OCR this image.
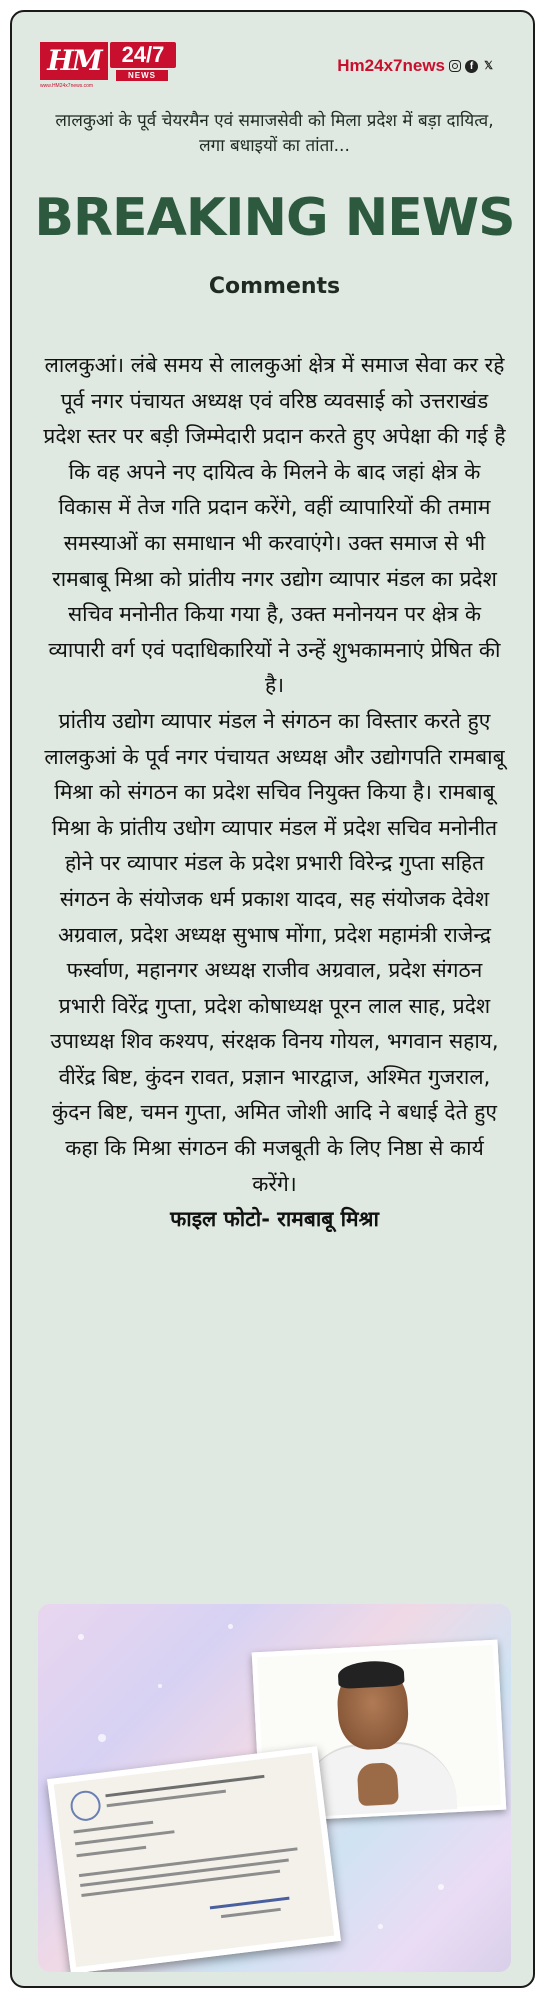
HM 24/7
NEWS
www.HM24x7news.com
Hm24x7news	f 𝕏
लालकुआं के पूर्व चेयरमैन एवं समाजसेवी को मिला प्रदेश में बड़ा दायित्व, लगा बधाइयों का तांता...
BREAKING NEWS
Comments

लालकुआं। लंबे समय से लालकुआं क्षेत्र में समाज सेवा कर रहे पूर्व नगर पंचायत अध्यक्ष एवं वरिष्ठ व्यवसाई को उत्तराखंड प्रदेश स्तर पर बड़ी जिम्मेदारी प्रदान करते हुए अपेक्षा की गई है कि वह अपने नए दायित्व के मिलने के बाद जहां क्षेत्र के विकास में तेज गति प्रदान करेंगे, वहीं व्यापारियों की तमाम समस्याओं का समाधान भी करवाएंगे। उक्त समाज से भी रामबाबू मिश्रा को प्रांतीय नगर उद्योग व्यापार मंडल का प्रदेश सचिव मनोनीत किया गया है, उक्त मनोनयन पर क्षेत्र के व्यापारी वर्ग एवं पदाधिकारियों ने उन्हें शुभकामनाएं प्रेषित की है।

प्रांतीय उद्योग व्यापार मंडल ने संगठन का विस्तार करते हुए लालकुआं के पूर्व नगर पंचायत अध्यक्ष और उद्योगपति रामबाबू मिश्रा को संगठन का प्रदेश सचिव नियुक्त किया है। रामबाबू मिश्रा के प्रांतीय उधोग व्यापार मंडल में प्रदेश सचिव मनोनीत होने पर व्यापार मंडल के प्रदेश प्रभारी विरेन्द्र गुप्ता सहित संगठन के संयोजक धर्म प्रकाश यादव, सह संयोजक देवेश अग्रवाल, प्रदेश अध्यक्ष सुभाष मोंगा, प्रदेश महामंत्री राजेन्द्र फर्स्वाण, महानगर अध्यक्ष राजीव अग्रवाल, प्रदेश संगठन प्रभारी विरेंद्र गुप्ता, प्रदेश कोषाध्यक्ष पूरन लाल साह, प्रदेश उपाध्यक्ष शिव कश्यप, संरक्षक विनय गोयल, भगवान सहाय, वीरेंद्र बिष्ट, कुंदन रावत, प्रज्ञान भारद्वाज, अश्मित गुजराल, कुंदन बिष्ट, चमन गुप्ता, अमित जोशी आदि ने बधाई देते हुए कहा कि मिश्रा संगठन की मजबूती के लिए निष्ठा से कार्य करेंगे।

फाइल फोटो- रामबाबू मिश्रा
